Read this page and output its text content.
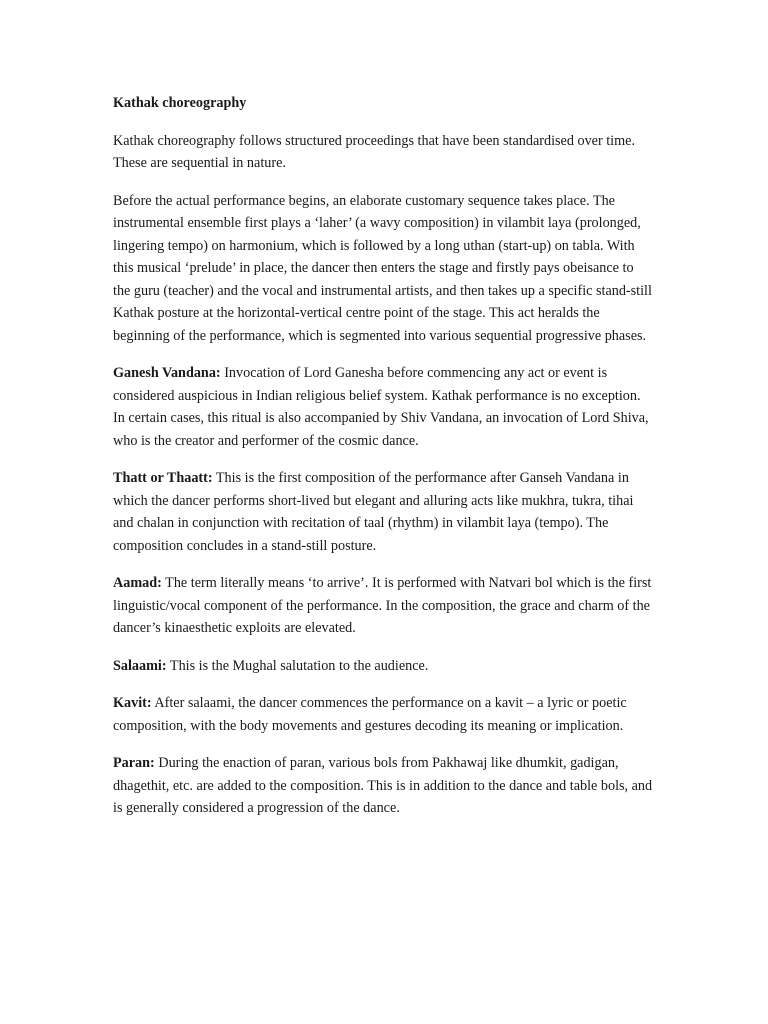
Kathak choreography

Kathak choreography follows structured proceedings that have been standardised over time. These are sequential in nature.

Before the actual performance begins, an elaborate customary sequence takes place. The instrumental ensemble first plays a ‘laher’ (a wavy composition) in vilambit laya (prolonged, lingering tempo) on harmonium, which is followed by a long uthan (start-up) on tabla. With this musical ‘prelude’ in place, the dancer then enters the stage and firstly pays obeisance to the guru (teacher) and the vocal and instrumental artists, and then takes up a specific stand-still Kathak posture at the horizontal-vertical centre point of the stage. This act heralds the beginning of the performance, which is segmented into various sequential progressive phases.

Ganesh Vandana: Invocation of Lord Ganesha before commencing any act or event is considered auspicious in Indian religious belief system. Kathak performance is no exception. In certain cases, this ritual is also accompanied by Shiv Vandana, an invocation of Lord Shiva, who is the creator and performer of the cosmic dance.

Thatt or Thaatt: This is the first composition of the performance after Ganseh Vandana in which the dancer performs short-lived but elegant and alluring acts like mukhra, tukra, tihai and chalan in conjunction with recitation of taal (rhythm) in vilambit laya (tempo). The composition concludes in a stand-still posture.

Aamad: The term literally means ‘to arrive’. It is performed with Natvari bol which is the first linguistic/vocal component of the performance. In the composition, the grace and charm of the dancer’s kinaesthetic exploits are elevated.

Salaami: This is the Mughal salutation to the audience.

Kavit: After salaami, the dancer commences the performance on a kavit – a lyric or poetic composition, with the body movements and gestures decoding its meaning or implication.

Paran: During the enaction of paran, various bols from Pakhawaj like dhumkit, gadigan, dhagethit, etc. are added to the composition. This is in addition to the dance and table bols, and is generally considered a progression of the dance.
